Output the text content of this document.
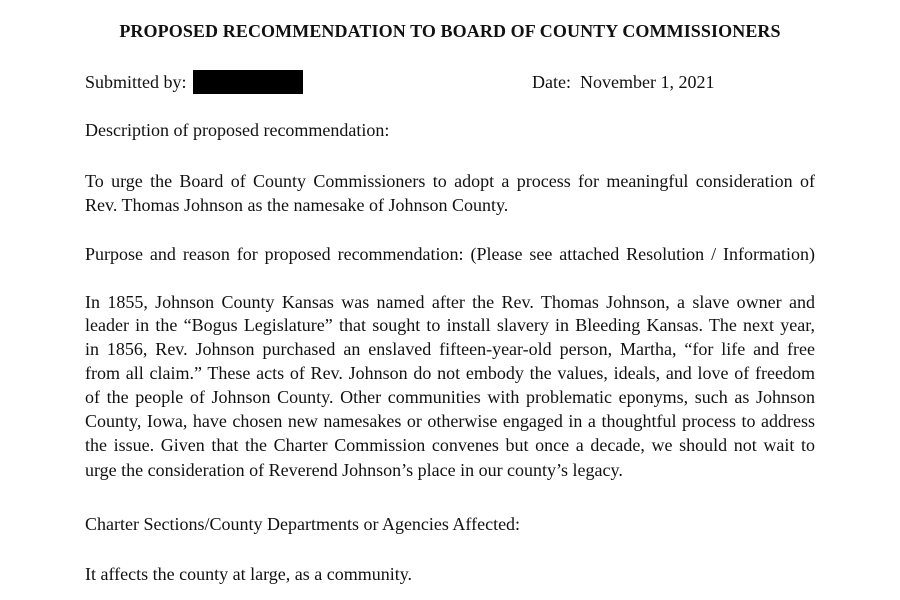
PROPOSED RECOMMENDATION TO BOARD OF COUNTY COMMISSIONERS
Submitted by:	Date: November 1, 2021
Description of proposed recommendation:
To urge the Board of County Commissioners to adopt a process for meaningful consideration of
Rev. Thomas Johnson as the namesake of Johnson County.
Purpose and reason for proposed recommendation: (Please see attached Resolution / Information)
In 1855, Johnson County Kansas was named after the Rev. Thomas Johnson, a slave owner and
leader in the “Bogus Legislature” that sought to install slavery in Bleeding Kansas. The next year,
in 1856, Rev. Johnson purchased an enslaved fifteen-year-old person, Martha, “for life and free
from all claim.” These acts of Rev. Johnson do not embody the values, ideals, and love of freedom
of the people of Johnson County. Other communities with problematic eponyms, such as Johnson
County, Iowa, have chosen new namesakes or otherwise engaged in a thoughtful process to address
the issue. Given that the Charter Commission convenes but once a decade, we should not wait to
urge the consideration of Reverend Johnson’s place in our county’s legacy.
Charter Sections/County Departments or Agencies Affected:
It affects the county at large, as a community.
